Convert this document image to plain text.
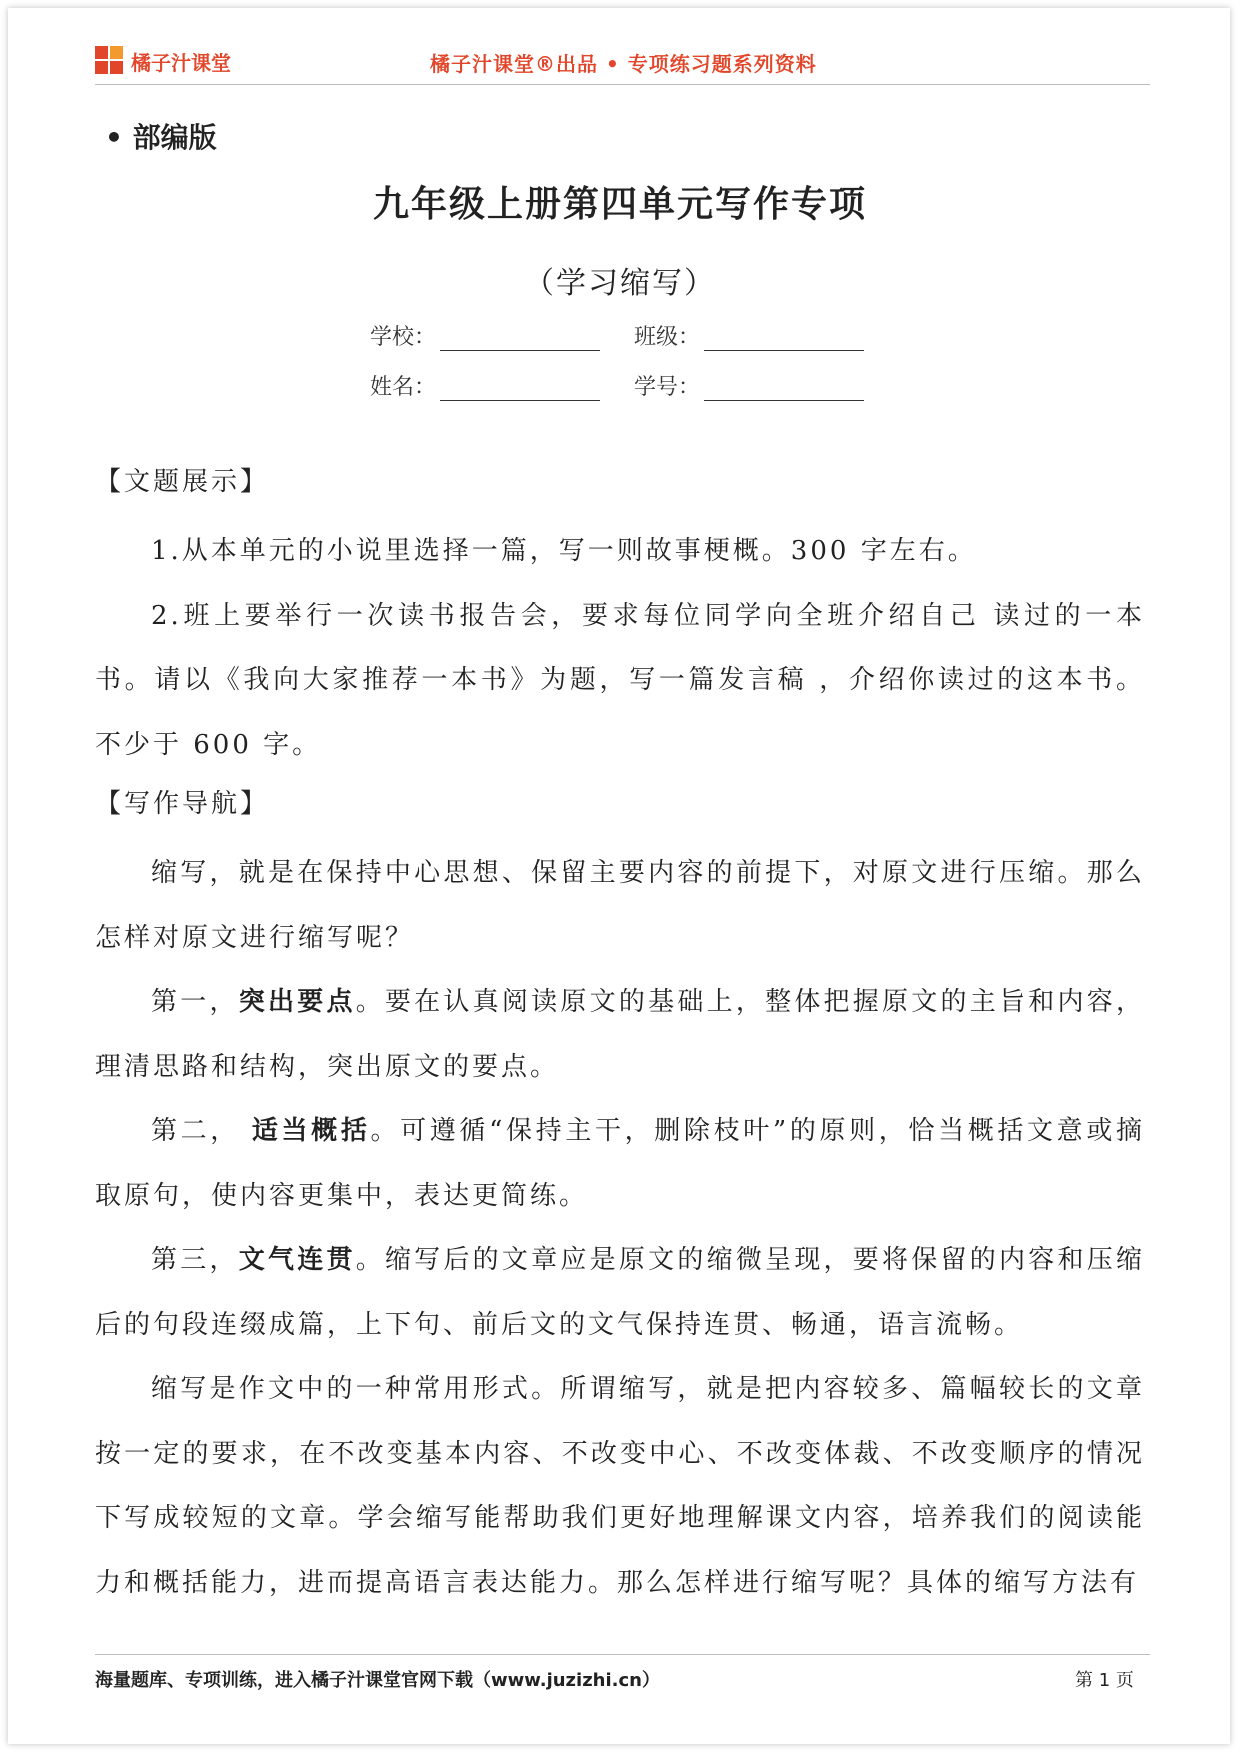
橘子汁课堂	橘子汁课堂®出品 • 专项练习题系列资料
• 部编版
九年级上册第四单元写作专项
（学习缩写）
学校：	班级：
姓名：	学号：
【文题展示】

1.从本单元的小说里选择一篇，写一则故事梗概。300 字左右。

2.班上要举行一次读书报告会，要求每位同学向全班介绍自己 读过的一本书。请以《我向大家推荐一本书》为题，写一篇发言稿 ，介绍你读过的这本书。不少于 600 字。

【写作导航】

缩写，就是在保持中心思想、保留主要内容的前提下，对原文进行压缩。那么怎样对原文进行缩写呢？

第一，突出要点。要在认真阅读原文的基础上，整体把握原文的主旨和内容，理清思路和结构，突出原文的要点。

第二， 适当概括。可遵循“保持主干，删除枝叶”的原则，恰当概括文意或摘取原句，使内容更集中，表达更简练。

第三，文气连贯。缩写后的文章应是原文的缩微呈现，要将保留的内容和压缩后的句段连缀成篇，上下句、前后文的文气保持连贯、畅通，语言流畅。

缩写是作文中的一种常用形式。所谓缩写，就是把内容较多、篇幅较长的文章按一定的要求，在不改变基本内容、不改变中心、不改变体裁、不改变顺序的情况下写成较短的文章。学会缩写能帮助我们更好地理解课文内容，培养我们的阅读能力和概括能力，进而提高语言表达能力。那么怎样进行缩写呢？具体的缩写方法有

海量题库、专项训练，进入橘子汁课堂官网下载（www.juzizhi.cn）	第 1 页
